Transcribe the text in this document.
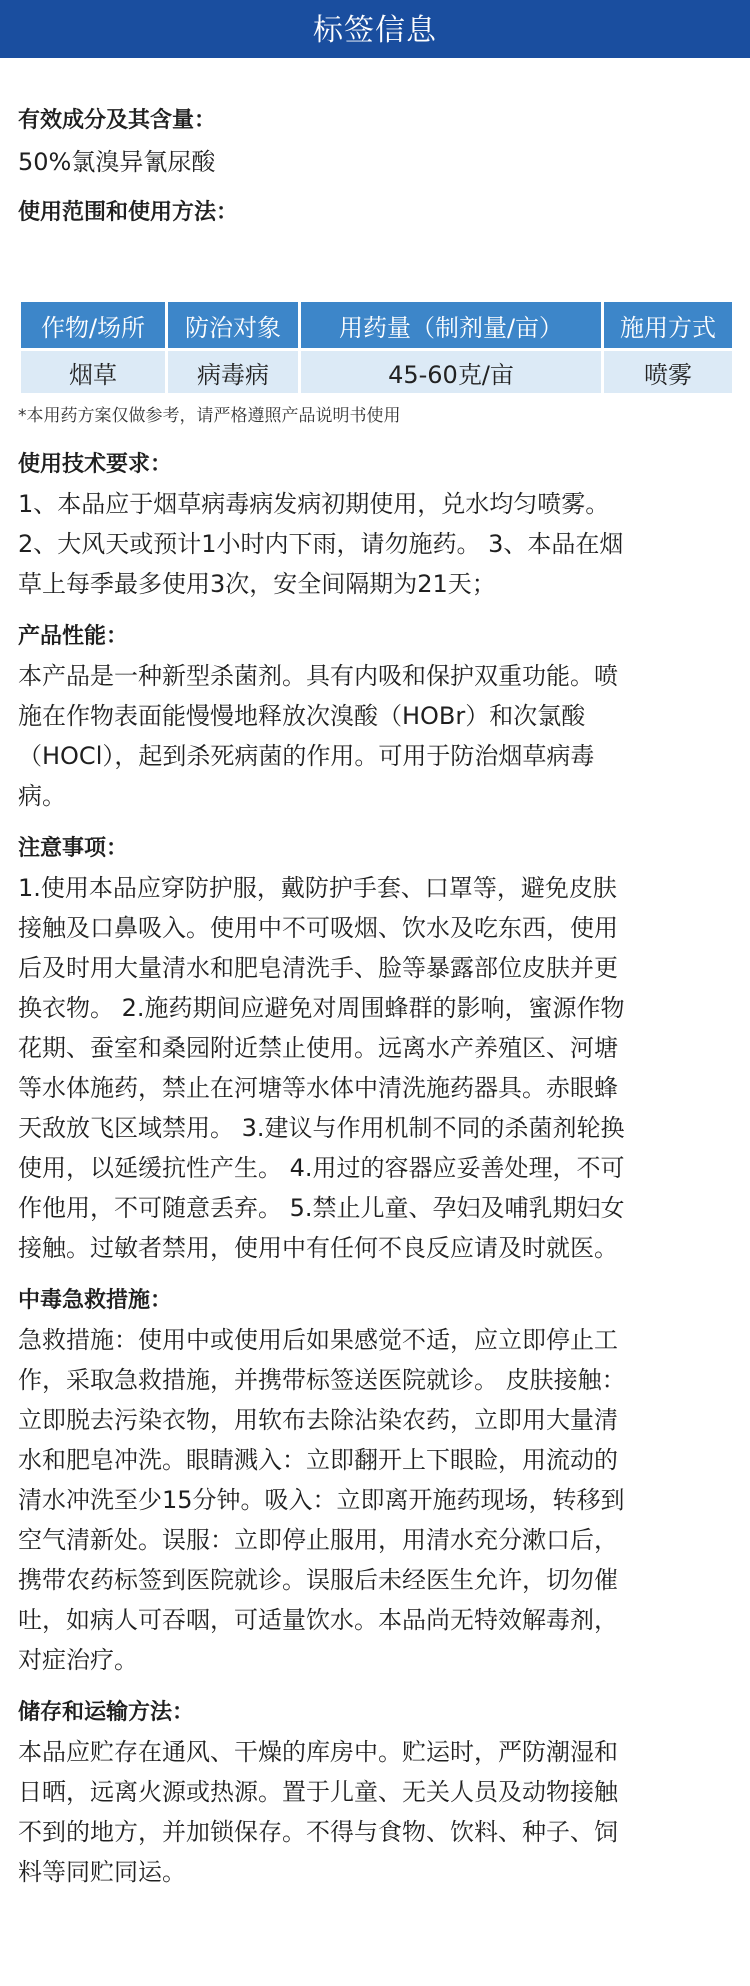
标签信息

有效成分及其含量：

50%氯溴异氰尿酸

使用范围和使用方法：

作物/场所	防治对象	用药量（制剂量/亩）	施用方式
烟草	病毒病	45-60克/亩	喷雾

*本用药方案仅做参考，请严格遵照产品说明书使用

使用技术要求：

1、本品应于烟草病毒病发病初期使用，兑水均匀喷雾。

2、大风天或预计1小时内下雨，请勿施药。 3、本品在烟

草上每季最多使用3次，安全间隔期为21天；

产品性能：

本产品是一种新型杀菌剂。具有内吸和保护双重功能。喷

施在作物表面能慢慢地释放次溴酸（HOBr）和次氯酸

（HOCl），起到杀死病菌的作用。可用于防治烟草病毒

病。

注意事项：

1.使用本品应穿防护服，戴防护手套、口罩等，避免皮肤

接触及口鼻吸入。使用中不可吸烟、饮水及吃东西，使用

后及时用大量清水和肥皂清洗手、脸等暴露部位皮肤并更

换衣物。 2.施药期间应避免对周围蜂群的影响，蜜源作物

花期、蚕室和桑园附近禁止使用。远离水产养殖区、河塘

等水体施药，禁止在河塘等水体中清洗施药器具。赤眼蜂

天敌放飞区域禁用。 3.建议与作用机制不同的杀菌剂轮换

使用，以延缓抗性产生。 4.用过的容器应妥善处理，不可

作他用，不可随意丢弃。 5.禁止儿童、孕妇及哺乳期妇女

接触。过敏者禁用，使用中有任何不良反应请及时就医。

中毒急救措施：

急救措施：使用中或使用后如果感觉不适，应立即停止工

作，采取急救措施，并携带标签送医院就诊。 皮肤接触：

立即脱去污染衣物，用软布去除沾染农药，立即用大量清

水和肥皂冲洗。眼睛溅入：立即翻开上下眼睑，用流动的

清水冲洗至少15分钟。吸入：立即离开施药现场，转移到

空气清新处。误服：立即停止服用，用清水充分漱口后，

携带农药标签到医院就诊。误服后未经医生允许，切勿催

吐，如病人可吞咽，可适量饮水。本品尚无特效解毒剂，

对症治疗。

储存和运输方法：

本品应贮存在通风、干燥的库房中。贮运时，严防潮湿和

日晒，远离火源或热源。置于儿童、无关人员及动物接触

不到的地方，并加锁保存。不得与食物、饮料、种子、饲

料等同贮同运。
